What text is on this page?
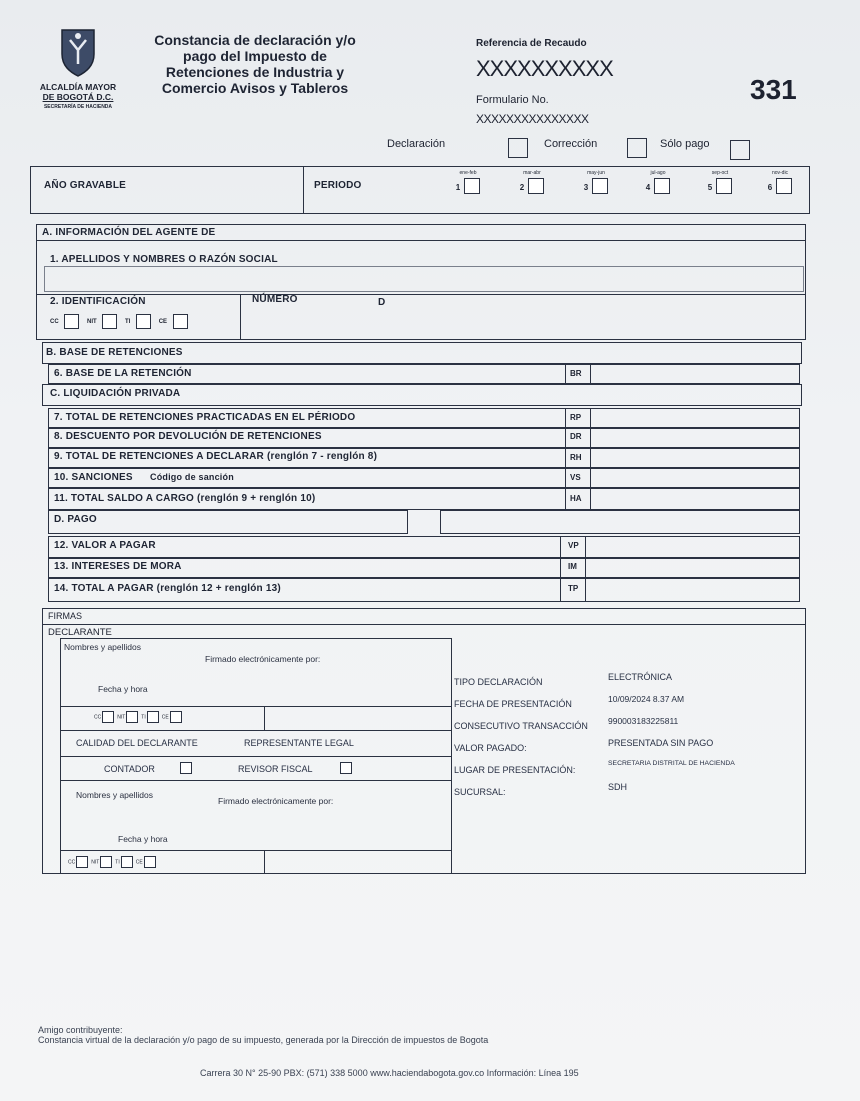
ALCALDÍA MAYOR
DE BOGOTÁ D.C.
SECRETARÍA DE HACIENDA
Constancia de declaración y/o
pago del Impuesto de
Retenciones de Industria y
Comercio Avisos y Tableros
Referencia de Recaudo
XXXXXXXXXX
331
Formulario No.
XXXXXXXXXXXXXXX
Declaración	Corrección	Sólo pago
AÑO GRAVABLE	PERIODO
ene-feb
1
mar-abr
2
may-jun
3
jul-ago
4
sep-oct
5
nov-dic
6
A. INFORMACIÓN DEL AGENTE DE
1. APELLIDOS Y NOMBRES O RAZÓN SOCIAL
2. IDENTIFICACIÓN	NÚMERO	D
CC	NIT	TI	CE
B. BASE DE RETENCIONES
6. BASE DE LA RETENCIÓN	BR
C. LIQUIDACIÓN PRIVADA
7. TOTAL DE RETENCIONES PRACTICADAS EN EL PÉRIODO	RP
8. DESCUENTO POR DEVOLUCIÓN DE RETENCIONES	DR
9. TOTAL DE RETENCIONES A DECLARAR (renglón 7 - renglón 8)	RH
10. SANCIONES Código de sanción	VS
11. TOTAL SALDO A CARGO (renglón 9 + renglón 10)	HA
D. PAGO
12. VALOR A PAGAR	VP
13. INTERESES DE MORA	IM
14. TOTAL A PAGAR (renglón 12 + renglón 13)	TP
FIRMAS
DECLARANTE
Nombres y apellidos
Firmado electrónicamente por:
Fecha y hora
CC	NIT	TI	CE
CALIDAD DEL DECLARANTE	REPRESENTANTE LEGAL
CONTADOR	REVISOR FISCAL
Nombres y apellidos
Firmado electrónicamente por:
Fecha y hora
CC	NIT	TI	CE
TIPO DECLARACIÓN	ELECTRÓNICA
FECHA DE PRESENTACIÓN	10/09/2024 8.37 AM
CONSECUTIVO TRANSACCIÓN 990003183225811
VALOR PAGADO:	PRESENTADA SIN PAGO
LUGAR DE PRESENTACIÓN:
SECRETARIA DISTRITAL DE HACIENDA
SUCURSAL:	SDH
Amigo contribuyente:
Constancia virtual de la declaración y/o pago de su impuesto, generada por la Dirección de impuestos de Bogota
Carrera 30 N° 25-90 PBX: (571) 338 5000 www.haciendabogota.gov.co Información: Línea 195
